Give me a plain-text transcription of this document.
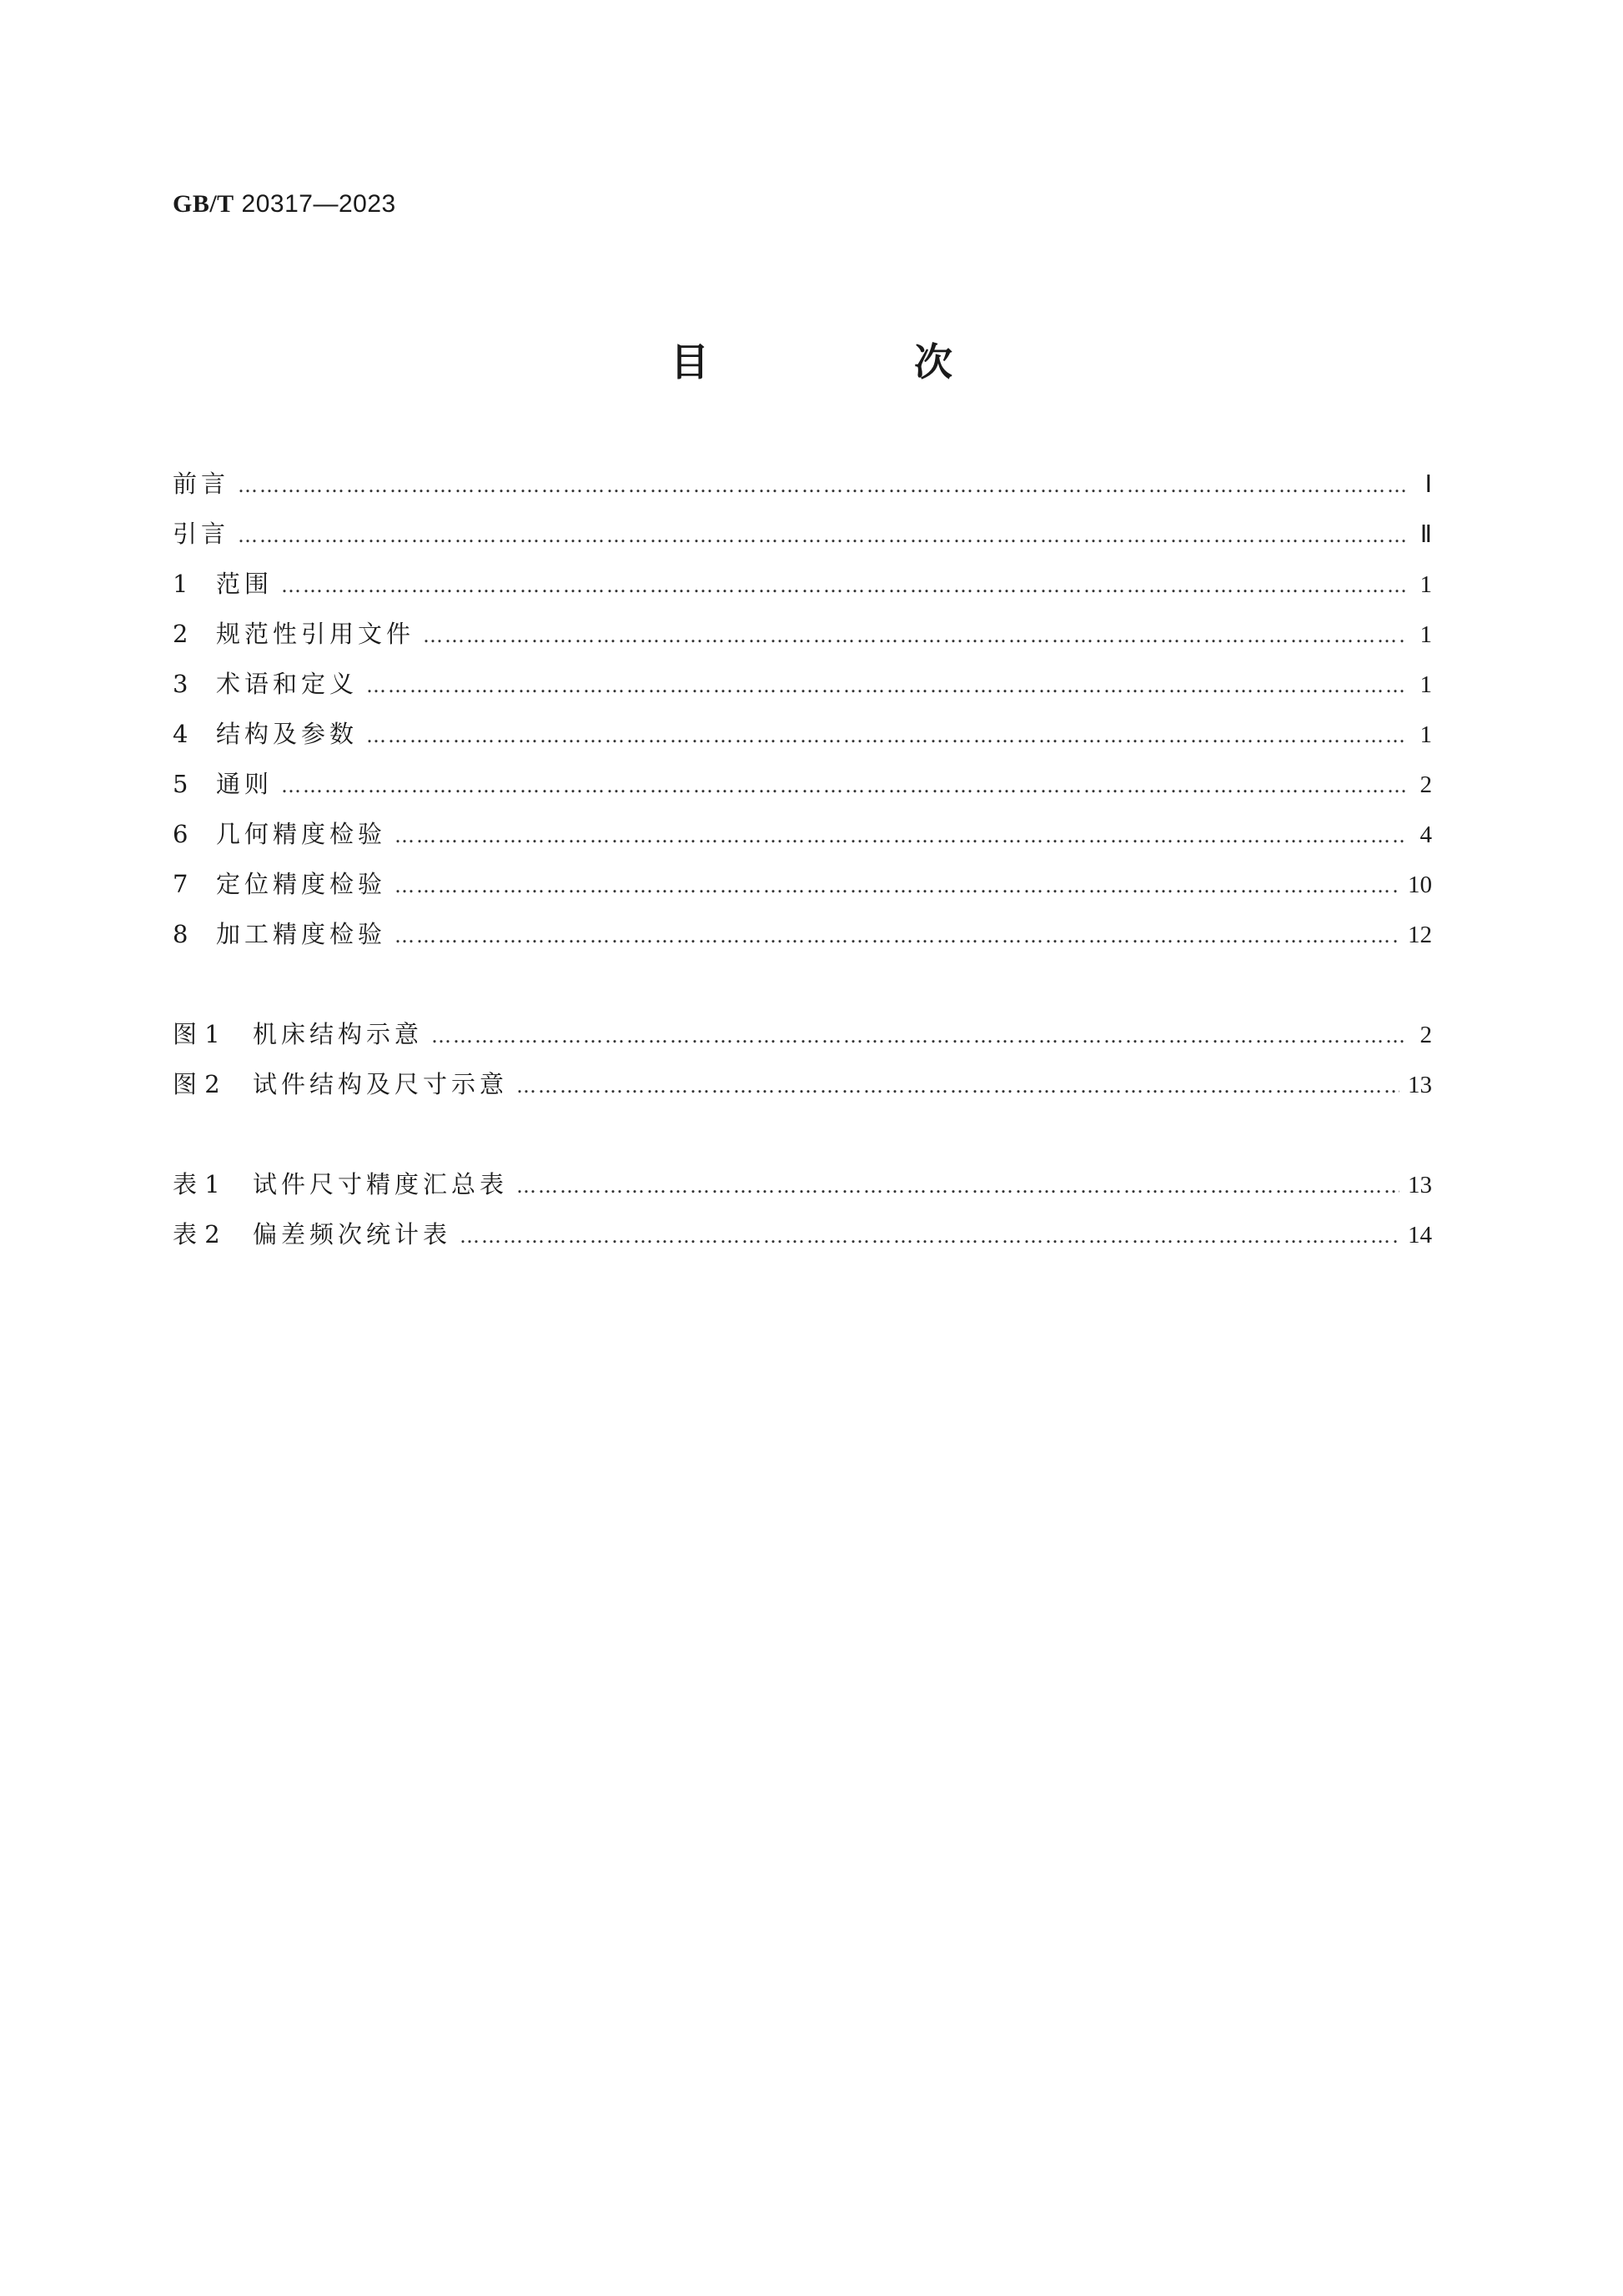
GB/T 20317—2023
目　次
前言 ……………………………………………………………………………………………………………………………………………………………………………………………………………………………………………	Ⅰ
引言 ……………………………………………………………………………………………………………………………………………………………………………………………………………………………………………	Ⅱ
1	范围 ……………………………………………………………………………………………………………………………………………………………………………………………………………………………………………	1
2	规范性引用文件 ……………………………………………………………………………………………………………………………………………………………………………………………………………………………………………	1
3	术语和定义 ……………………………………………………………………………………………………………………………………………………………………………………………………………………………………………	1
4	结构及参数 ……………………………………………………………………………………………………………………………………………………………………………………………………………………………………………	1
5	通则 ……………………………………………………………………………………………………………………………………………………………………………………………………………………………………………	2
6	几何精度检验 ……………………………………………………………………………………………………………………………………………………………………………………………………………………………………………	4
7	定位精度检验 ……………………………………………………………………………………………………………………………………………………………………………………………………………………………………………	10
8	加工精度检验 ……………………………………………………………………………………………………………………………………………………………………………………………………………………………………………	12
图 1	机床结构示意 ……………………………………………………………………………………………………………………………………………………………………………………………………………………………………………	2
图 2	试件结构及尺寸示意 ……………………………………………………………………………………………………………………………………………………………………………………………………………………………………………	13
表 1	试件尺寸精度汇总表 ……………………………………………………………………………………………………………………………………………………………………………………………………………………………………………	13
表 2	偏差频次统计表 ……………………………………………………………………………………………………………………………………………………………………………………………………………………………………………	14
